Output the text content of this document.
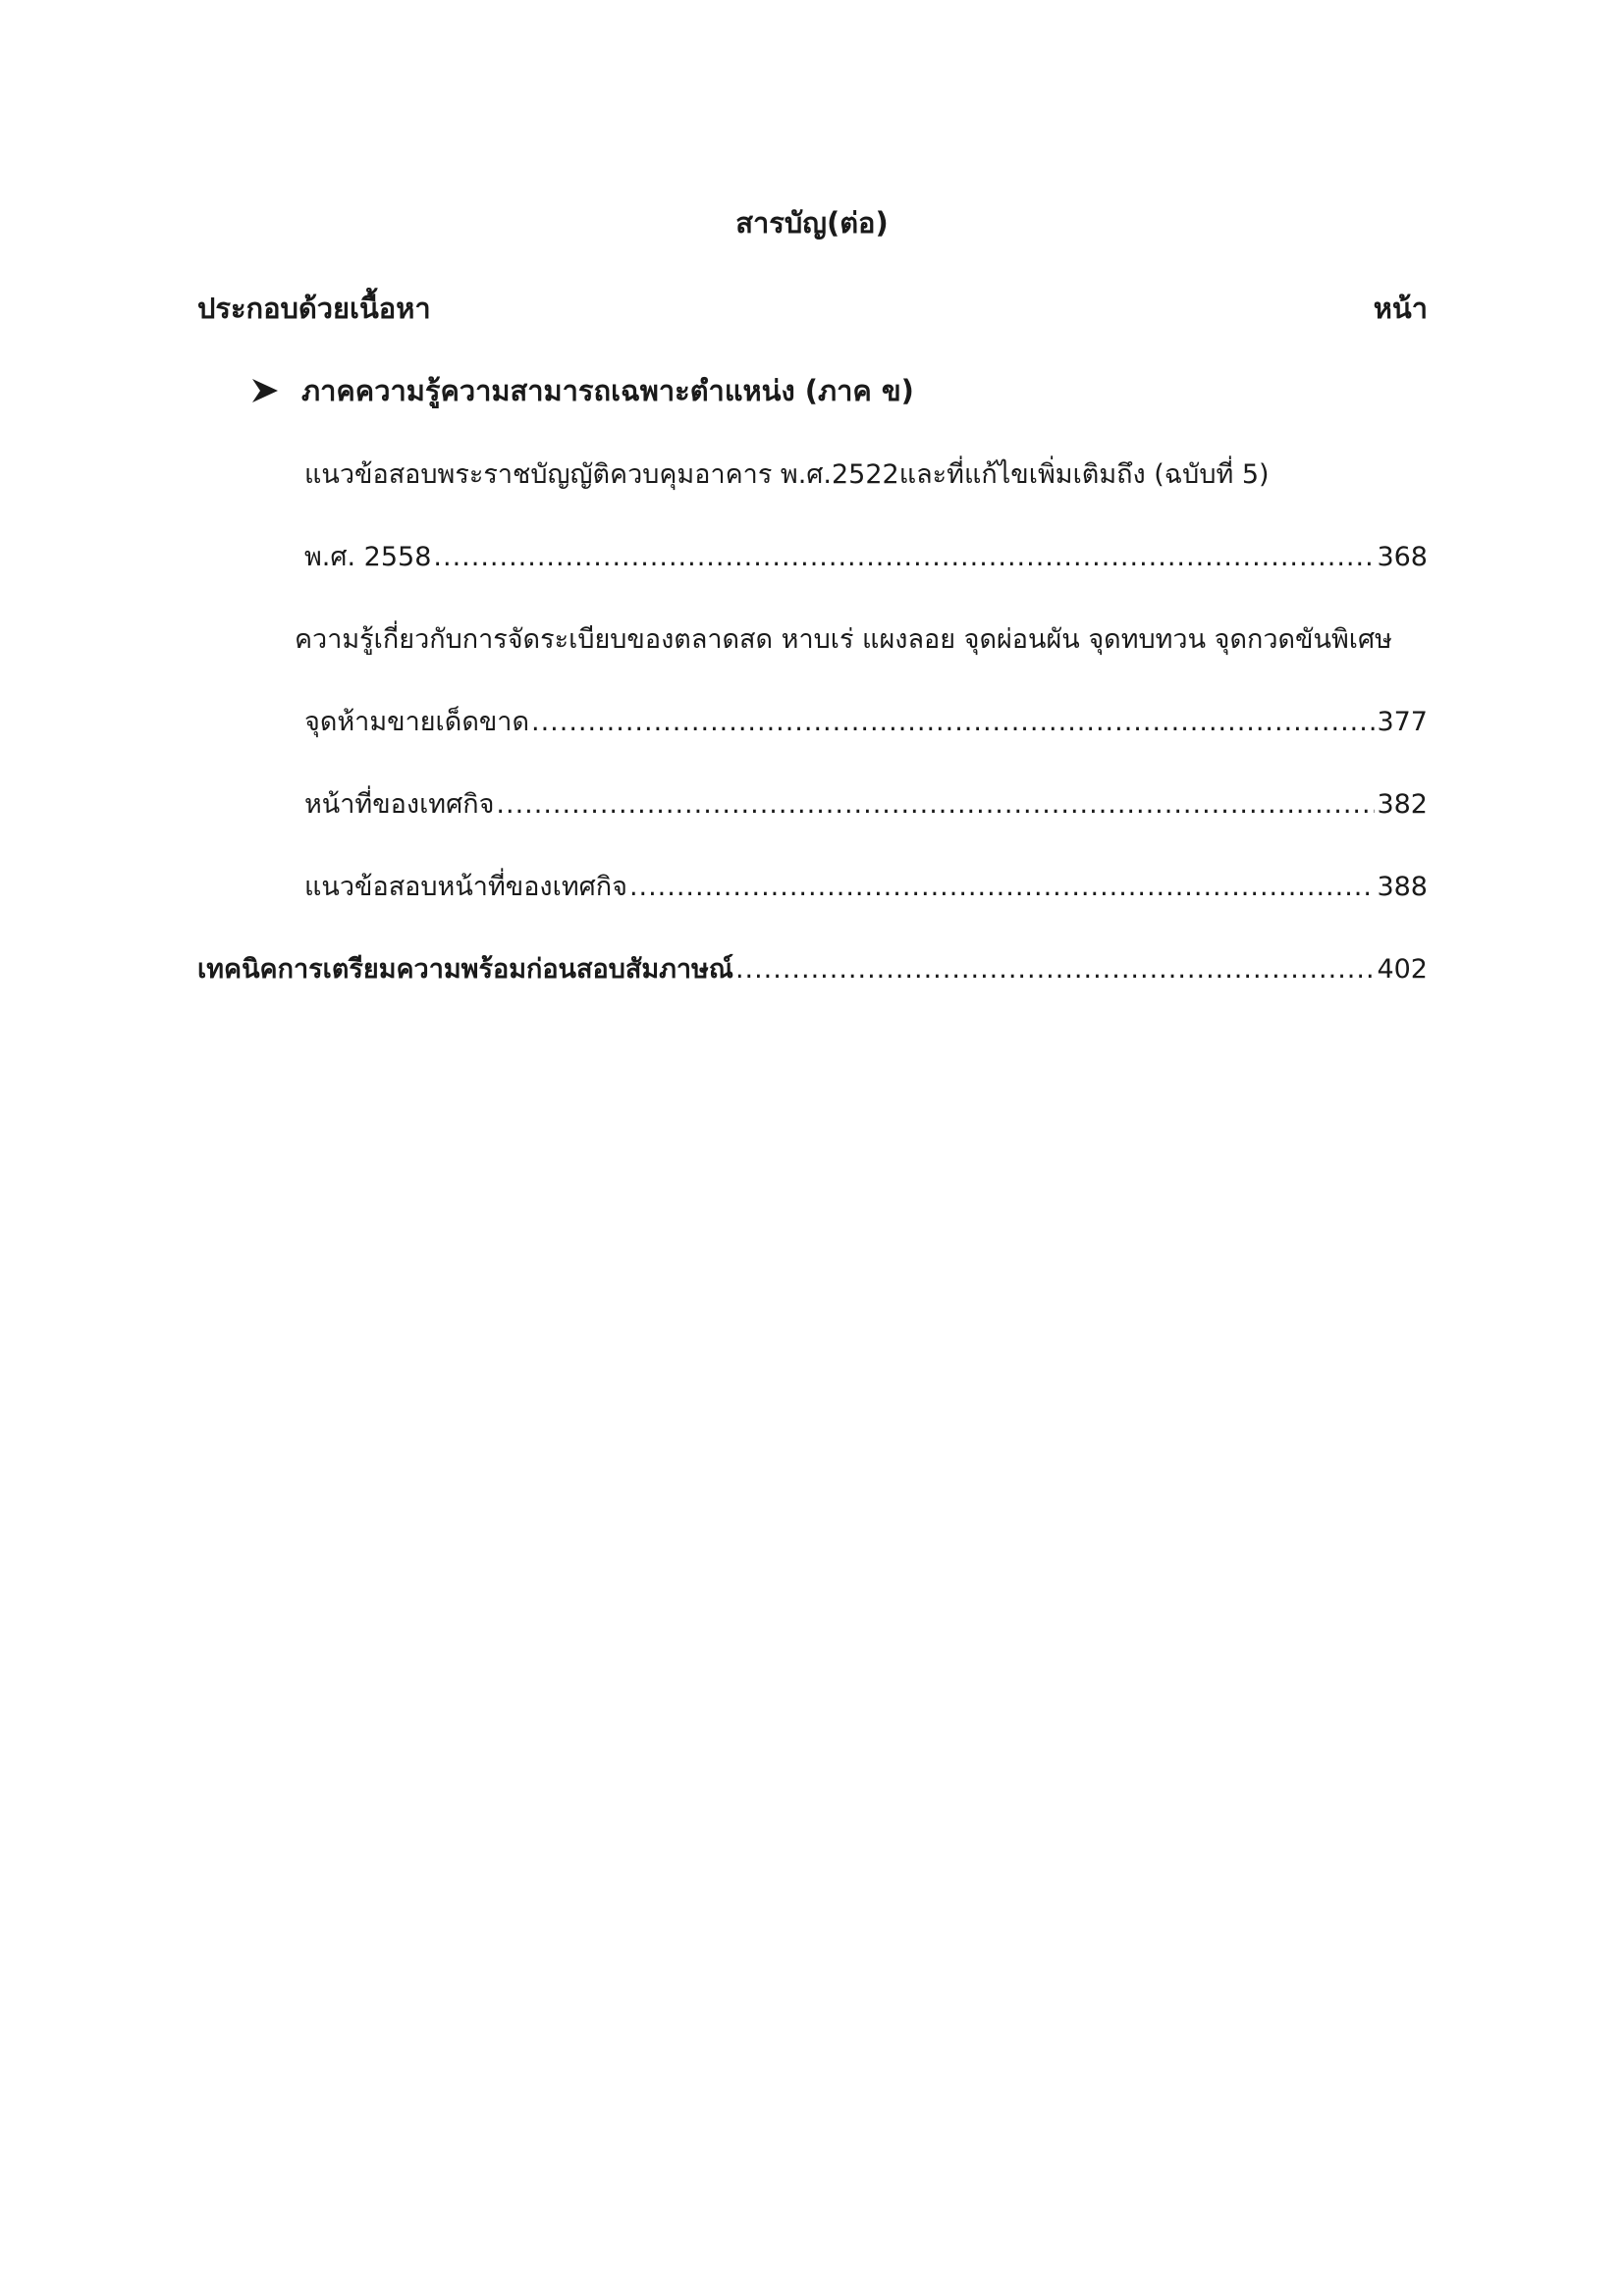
สารบัญ(ต่อ)
ประกอบด้วยเนื้อหา	หน้า
ภาคความรู้ความสามารถเฉพาะตำแหน่ง (ภาค ข)
แนวข้อสอบพระราชบัญญัติควบคุมอาคาร พ.ศ.2522และที่แก้ไขเพิ่มเติมถึง (ฉบับที่ 5)
พ.ศ. 2558 .....	368
ความรู้เกี่ยวกับการจัดระเบียบของตลาดสด หาบเร่ แผงลอย จุดผ่อนผัน จุดทบทวน จุดกวดขันพิเศษ
จุดห้ามขายเด็ดขาด .....	377
หน้าที่ของเทศกิจ .....	382
แนวข้อสอบหน้าที่ของเทศกิจ .....	388
เทคนิคการเตรียมความพร้อมก่อนสอบสัมภาษณ์ .....	402
